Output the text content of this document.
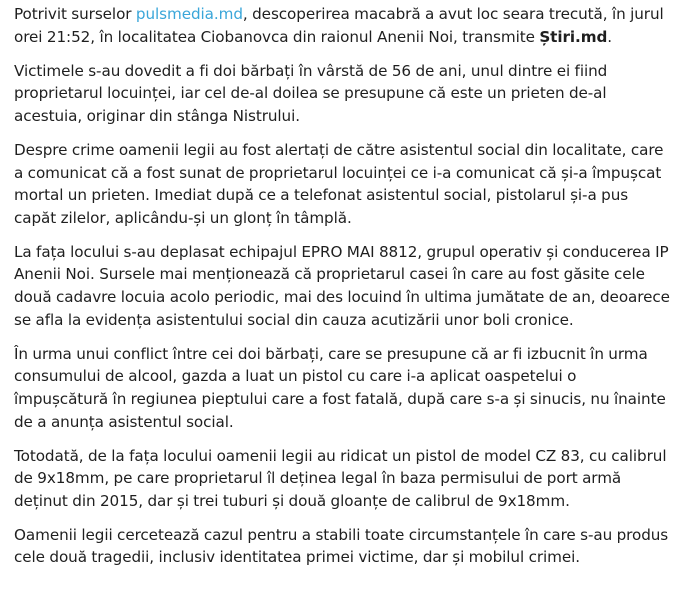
Potrivit surselor pulsmedia.md, descoperirea macabră a avut loc seara trecută, în jurul orei 21:52, în localitatea Ciobanovca din raionul Anenii Noi, transmite Știri.md.

Victimele s-au dovedit a fi doi bărbați în vârstă de 56 de ani, unul dintre ei fiind proprietarul locuinței, iar cel de-al doilea se presupune că este un prieten de-al acestuia, originar din stânga Nistrului.

Despre crime oamenii legii au fost alertați de către asistentul social din localitate, care a comunicat că a fost sunat de proprietarul locuinței ce i-a comunicat că și-a împușcat mortal un prieten. Imediat după ce a telefonat asistentul social, pistolarul și-a pus capăt zilelor, aplicându-și un glonț în tâmplă.

La fața locului s-au deplasat echipajul EPRO MAI 8812, grupul operativ și conducerea IP Anenii Noi. Sursele mai menționează că proprietarul casei în care au fost găsite cele două cadavre locuia acolo periodic, mai des locuind în ultima jumătate de an, deoarece se afla la evidența asistentului social din cauza acutizării unor boli cronice.

În urma unui conflict între cei doi bărbați, care se presupune că ar fi izbucnit în urma consumului de alcool, gazda a luat un pistol cu care i-a aplicat oaspetelui o împușcătură în regiunea pieptului care a fost fatală, după care s-a și sinucis, nu înainte de a anunța asistentul social.

Totodată, de la fața locului oamenii legii au ridicat un pistol de model CZ 83, cu calibrul de 9x18mm, pe care proprietarul îl deținea legal în baza permisului de port armă deținut din 2015, dar și trei tuburi și două gloanțe de calibrul de 9x18mm.

Oamenii legii cercetează cazul pentru a stabili toate circumstanțele în care s-au produs cele două tragedii, inclusiv identitatea primei victime, dar și mobilul crimei.
